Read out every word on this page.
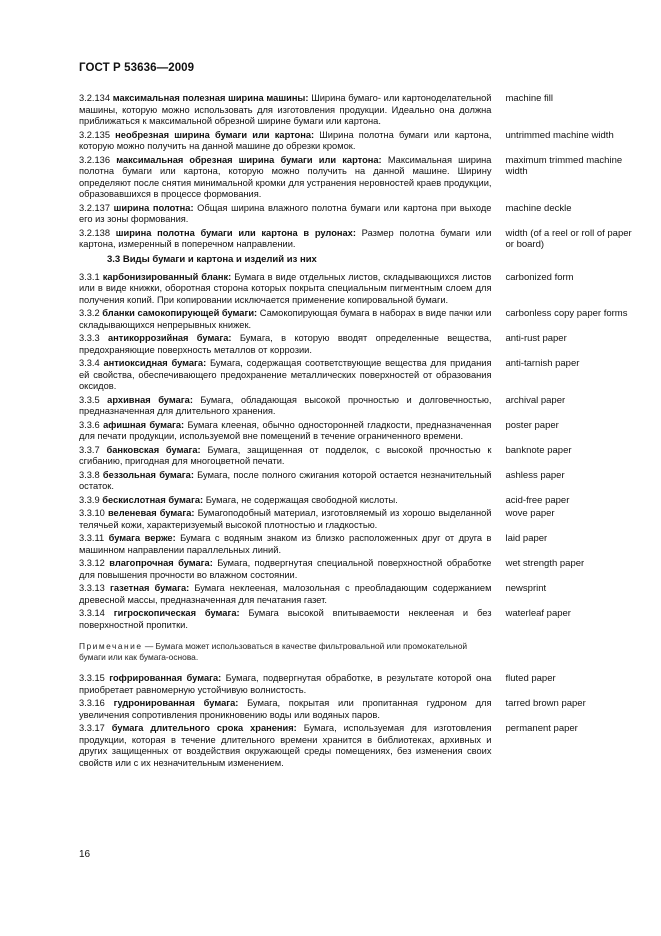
ГОСТ Р 53636—2009
3.2.134 максимальная полезная ширина машины: Ширина бумаго- или картоноделательной машины, которую можно использовать для изготовления продукции. Идеально она должна приближаться к максимальной обрезной ширине бумаги или картона.
machine fill
3.2.135 необрезная ширина бумаги или картона: Ширина полотна бумаги или картона, которую можно получить на данной машине до обрезки кромок.
untrimmed machine width
3.2.136 максимальная обрезная ширина бумаги или картона: Максимальная ширина полотна бумаги или картона, которую можно получить на данной машине. Ширину определяют после снятия минимальной кромки для устранения неровностей краев продукции, образовавшихся в процессе формования.
maximum trimmed machine width
3.2.137 ширина полотна: Общая ширина влажного полотна бумаги или картона при выходе его из зоны формования.
machine deckle
3.2.138 ширина полотна бумаги или картона в рулонах: Размер полотна бумаги или картона, измеренный в поперечном направлении.
width (of a reel or roll of paper or board)
3.3 Виды бумаги и картона и изделий из них
3.3.1 карбонизированный бланк: Бумага в виде отдельных листов, складывающихся листов или в виде книжки, оборотная сторона которых покрыта специальным пигментным слоем для получения копий. При копировании исключается применение копировальной бумаги.
carbonized form
3.3.2 бланки самокопирующей бумаги: Самокопирующая бумага в наборах в виде пачки или складывающихся непрерывных книжек.
carbonless copy paper forms
3.3.3 антикоррозийная бумага: Бумага, в которую вводят определенные вещества, предохраняющие поверхность металлов от коррозии.
anti-rust paper
3.3.4 антиоксидная бумага: Бумага, содержащая соответствующие вещества для придания ей свойства, обеспечивающего предохранение металлических поверхностей от образования оксидов.
anti-tarnish paper
3.3.5 архивная бумага: Бумага, обладающая высокой прочностью и долговечностью, предназначенная для длительного хранения.
archival paper
3.3.6 афишная бумага: Бумага клееная, обычно односторонней гладкости, предназначенная для печати продукции, используемой вне помещений в течение ограниченного времени.
poster paper
3.3.7 банковская бумага: Бумага, защищенная от подделок, с высокой прочностью к сгибанию, пригодная для многоцветной печати.
banknote paper
3.3.8 беззольная бумага: Бумага, после полного сжигания которой остается незначительный остаток.
ashless paper
3.3.9 бескислотная бумага: Бумага, не содержащая свободной кислоты.	acid-free paper
3.3.10 веленевая бумага: Бумагоподобный материал, изготовляемый из хорошо выделанной телячьей кожи, характеризуемый высокой плотностью и гладкостью.
wove paper
3.3.11 бумага верже: Бумага с водяным знаком из близко расположенных друг от друга в машинном направлении параллельных линий.
laid paper
3.3.12 влагопрочная бумага: Бумага, подвергнутая специальной поверхностной обработке для повышения прочности во влажном состоянии.
wet strength paper
3.3.13 газетная бумага: Бумага неклееная, малозольная с преобладающим содержанием древесной массы, предназначенная для печатания газет.
newsprint
3.3.14 гигроскопическая бумага: Бумага высокой впитываемости неклееная и без поверхностной пропитки.
waterleaf paper
Примечание — Бумага может использоваться в качестве фильтровальной или промокательной бумаги или как бумага-основа.
3.3.15 гофрированная бумага: Бумага, подвергнутая обработке, в результате которой она приобретает равномерную устойчивую волнистость.
fluted paper
3.3.16 гудронированная бумага: Бумага, покрытая или пропитанная гудроном для увеличения сопротивления проникновению воды или водяных паров.
tarred brown paper
3.3.17 бумага длительного срока хранения: Бумага, используемая для изготовления продукции, которая в течение длительного времени хранится в библиотеках, архивных и других защищенных от воздействия окружающей среды помещениях, без изменения своих свойств или с их незначительным изменением.
permanent paper
16
